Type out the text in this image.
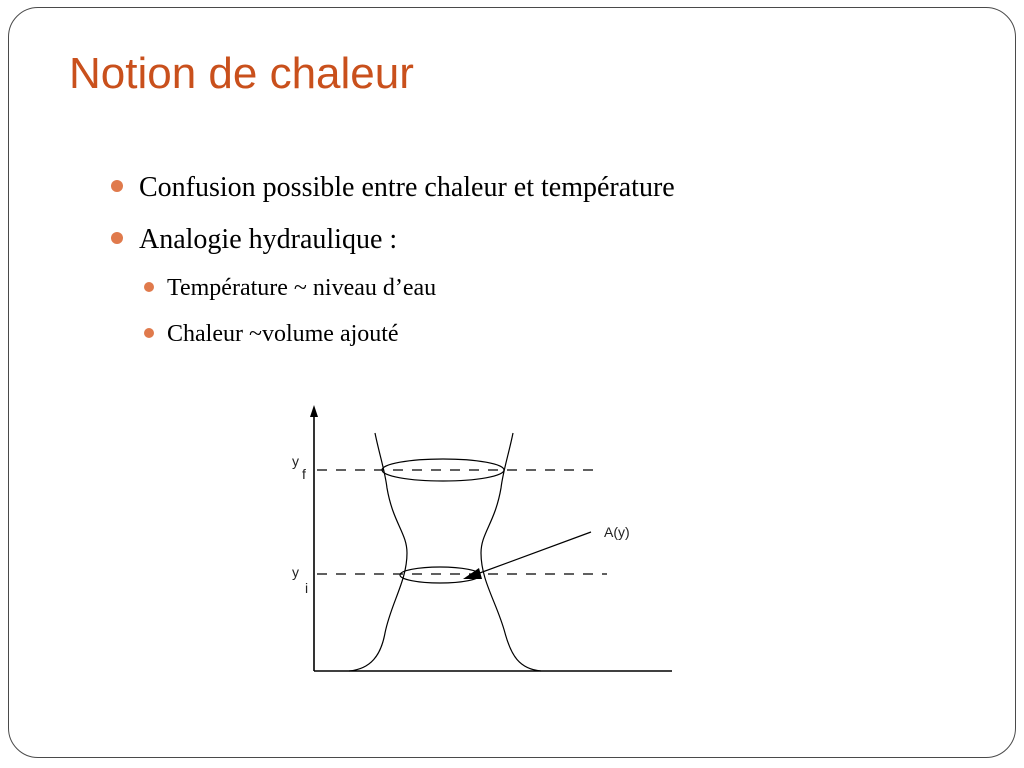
Notion de chaleur
Confusion possible entre chaleur et température
Analogie hydraulique :
Température ~ niveau d’eau
Chaleur ~volume ajouté
y
f
y
i
A(y)
